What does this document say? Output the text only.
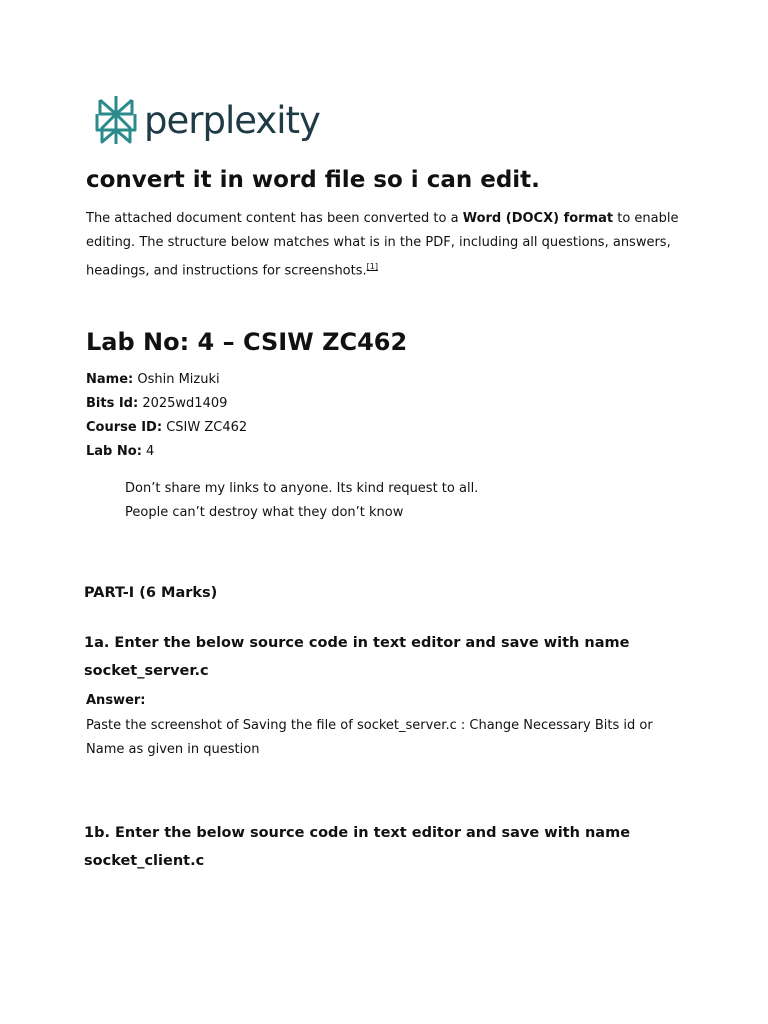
perplexity
convert it in word file so i can edit.

The attached document content has been converted to a Word (DOCX) format to enable editing. The structure below matches what is in the PDF, including all questions, answers, headings, and instructions for screenshots.[1]

Lab No: 4 – CSIW ZC462
Name: Oshin Mizuki
Bits Id: 2025wd1409
Course ID: CSIW ZC462
Lab No: 4
Don’t share my links to anyone. Its kind request to all.
People can’t destroy what they don’t know

PART-I (6 Marks)

1a. Enter the below source code in text editor and save with name socket_server.c

Answer:

Paste the screenshot of Saving the file of socket_server.c : Change Necessary Bits id or Name as given in question

1b. Enter the below source code in text editor and save with name socket_client.c
